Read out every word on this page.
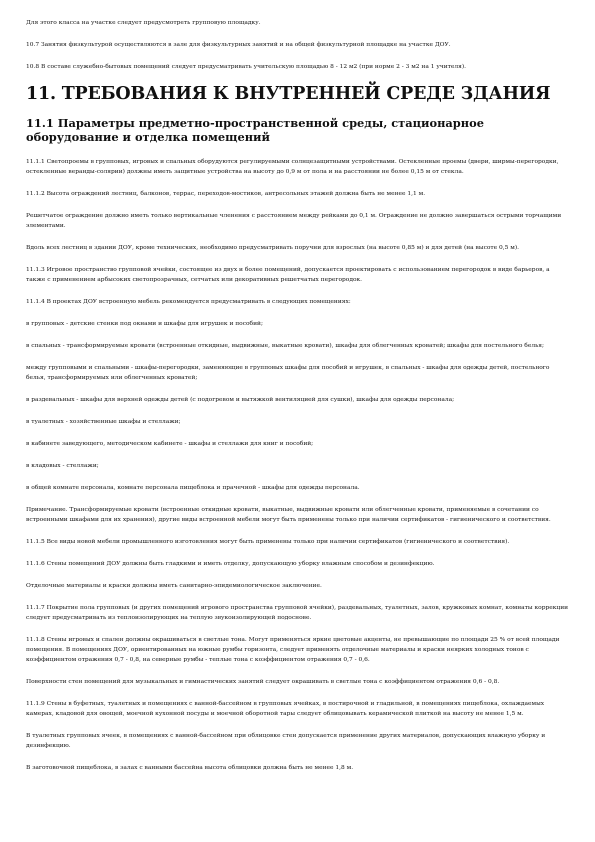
Для этого класса на участке следует предусмотреть групповую площадку.

10.7 Занятия физкультурой осуществляются в зале для физкультурных занятий и на общей физкультурной площадке на участке ДОУ.

10.8 В составе служебно-бытовых помещений следует предусматривать учительскую площадью 8 - 12 м2 (при норме 2 - 3 м2 на 1 учителя).

11. ТРЕБОВАНИЯ К ВНУТРЕННЕЙ СРЕДЕ ЗДАНИЯ
11.1 Параметры предметно-пространственной среды, стационарное оборудование и отделка помещений

11.1.1 Светопроемы в групповых, игровых и спальных оборудуются регулируемыми солнцезащитными устройствами. Остекленные проемы (двери, ширмы-перегородки, остекленные веранды-солярии) должны иметь защитные устройства на высоту до 0,9 м от пола и на расстоянии не более 0,15 м от стекла.

11.1.2 Высота ограждений лестниц, балконов, террас, переходов-мостиков, антресольных этажей должна быть не менее 1,1 м.

Решетчатое ограждение должно иметь только вертикальные членения с расстоянием между рейками до 0,1 м. Ограждение не должно завершаться острыми торчащими элементами.

Вдоль всех лестниц в здании ДОУ, кроме технических, необходимо предусматривать поручни для взрослых (на высоте 0,85 м) и для детей (на высоте 0,5 м).

11.1.3 Игровое пространство групповой ячейки, состоящее из двух и более помещений, допускается проектировать с использованием перегородок в виде барьеров, а также с применением арбысоких светопрозрачных, сетчатых или декоративных решетчатых перегородок.

11.1.4 В проектах ДОУ встроенную мебель рекомендуется предусматривать в следующих помещениях:

в групповых - детские стенки под окнами и шкафы для игрушек и пособий;

в спальных - трансформируемые кровати (встроенные откидные, выдвижные, выкатные кровати), шкафы для облегченных кроватей; шкафы для постельного белья;

между групповыми и спальными - шкафы-перегородки, заменяющие в групповых шкафы для пособий и игрушек, в спальных - шкафы для одежды детей, постельного белья, трансформируемых или облегченных кроватей;

в раздевальных - шкафы для верхней одежды детей (с подогревом и вытяжкой вентиляцией для сушки), шкафы для одежды персонала;

в туалетных - хозяйственные шкафы и стеллажи;

в кабинете заведующего, методическом кабинете - шкафы и стеллажи для книг и пособий;

в кладовых - стеллажи;

в общей комнате персонала, комнате персонала пищеблока и прачечной - шкафы для одежды персонала.

Примечание. Трансформируемые кровати (встроенные откидные кровати, выкатные, выдвижные кровати или облегченные кровати, применяемые в сочетании со встроенными шкафами для их хранения), другие виды встроенной мебели могут быть применены только при наличии сертификатов - гигиенического и соответствия.

11.1.5 Все виды новой мебели промышленного изготовления могут быть применены только при наличии сертификатов (гигиенического и соответствия).

11.1.6 Стены помещений ДОУ должны быть гладкими и иметь отделку, допускающую уборку влажным способом и дезинфекцию.

Отделочные материалы и краски должны иметь санитарно-эпидемиологическое заключение.

11.1.7 Покрытие пола групповых (и других помещений игрового пространства групповой ячейки), раздевальных, туалетных, залов, кружковых комнат, комнаты коррекции следует предусматривать из теплоизолирующих на теплую звукоизолирующей подоснове.

11.1.8 Стены игровых и спален должны окрашиваться в светлые тона. Могут применяться яркие цветовые акценты, не превышающие по площади 25 % от всей площади помещения. В помещениях ДОУ, ориентированных на южные румбы горизонта, следует применять отделочные материалы и краски неярких холодных тонов с коэффициентом отражения 0,7 - 0,8, на северные румбы - теплые тона с коэффициентом отражения 0,7 - 0,6.

Поверхности стен помещений для музыкальных и гимнастических занятий следует окрашивать в светлые тона с коэффициентом отражения 0,6 - 0,8.

11.1.9 Стены в буфетных, туалетных и помещениях с ванной-бассейном в групповых ячейках, в постирочной и гладильной, в помещениях пищеблока, охлаждаемых камерах, кладовой для овощей, моечной кухонной посуды и моечной оборотной тары следует облицовывать керамической плиткой на высоту не менее 1,5 м.

В туалетных групповых ячеек, в помещениях с ванной-бассейном при облицовке стен допускается применение других материалов, допускающих влажную уборку и дезинфекцию.

В заготовочной пищеблока, в залах с ванными бассейна высота облицовки должна быть не менее 1,8 м.
